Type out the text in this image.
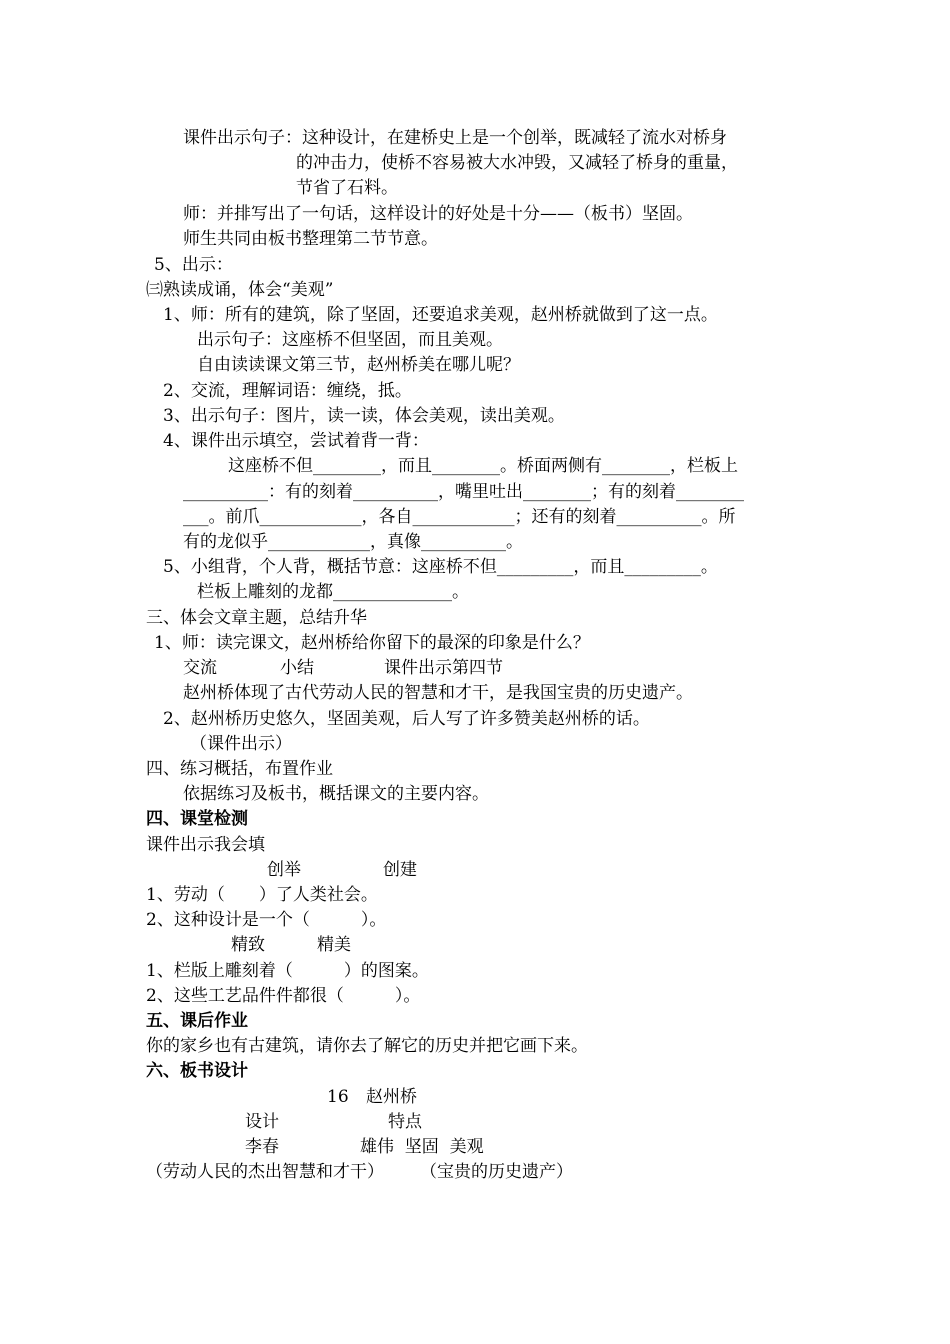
课件出示句子： 这种设计，在建桥史上是一个创举，既减轻了流水对桥身
的冲击力，使桥不容易被大水冲毁，又减轻了桥身的重量，
节省了石料。
师：并排写出了一句话，这样设计的好处是十分——（板书）坚固。
师生共同由板书整理第二节节意。
5、出示：
㈢熟读成诵，体会“美观”
1、师：所有的建筑，除了坚固，还要追求美观，赵州桥就做到了这一点。
出示句子：这座桥不但坚固，而且美观。
自由读读课文第三节，赵州桥美在哪儿呢？
2、交流，理解词语：缠绕，抵。
3、出示句子：图片，读一读，体会美观，读出美观。
4、课件出示填空，尝试着背一背：
这座桥不但________，而且________。桥面两侧有________，栏板上
__________：有的刻着__________，嘴里吐出________；有的刻着________
___。前爪____________，各自____________；还有的刻着__________。所
有的龙似乎____________，真像__________。
5、小组背，个人背，概括节意：这座桥不但_________，而且_________。
栏板上雕刻的龙都______________。
三、体会文章主题，总结升华
1、师：读完课文，赵州桥给你留下的最深的印象是什么？
交流	小结	课件出示第四节
赵州桥体现了古代劳动人民的智慧和才干，是我国宝贵的历史遗产。
2、赵州桥历史悠久，坚固美观，后人写了许多赞美赵州桥的话。
（课件出示）
四、练习概括，布置作业
依据练习及板书，概括课文的主要内容。
四、课堂检测
课件出示我会填
创举	创建
1、劳动（　　）了人类社会。
2、这种设计是一个（　　　）。
精致	精美
1、栏版上雕刻着（　　　）的图案。
2、这些工艺品件件都很（　　　）。
五、课后作业
你的家乡也有古建筑，请你去了解它的历史并把它画下来。
六、板书设计
16 赵州桥
设计	特点
李春	雄伟  坚固  美观
（劳动人民的杰出智慧和才干） （宝贵的历史遗产）
